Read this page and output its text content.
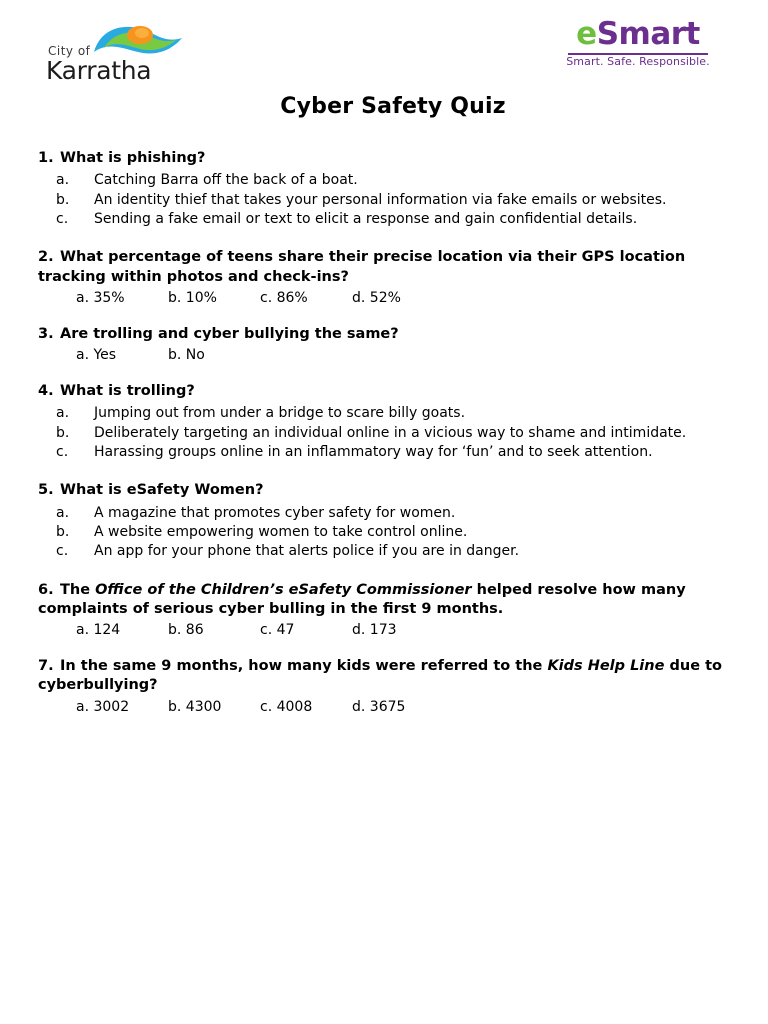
City of
Karratha
eSmart
Smart. Safe. Responsible.
Cyber Safety Quiz
1. What is phishing?
a. Catching Barra off the back of a boat.
b. An identity thief that takes your personal information via fake emails or websites.
c. Sending a fake email or text to elicit a response and gain confidential details.
2. What percentage of teens share their precise location via their GPS location tracking within photos and check-ins?
a. 35%	b. 10%	c. 86%	d. 52%
3. Are trolling and cyber bullying the same?
a. Yes	b. No
4. What is trolling?
a. Jumping out from under a bridge to scare billy goats.
b. Deliberately targeting an individual online in a vicious way to shame and intimidate.
c. Harassing groups online in an inflammatory way for ‘fun’ and to seek attention.
5. What is eSafety Women?
a. A magazine that promotes cyber safety for women.
b. A website empowering women to take control online.
c. An app for your phone that alerts police if you are in danger.
6. The Office of the Children’s eSafety Commissioner helped resolve how many complaints of serious cyber bulling in the first 9 months.
a. 124	b. 86	c. 47	d. 173
7. In the same 9 months, how many kids were referred to the Kids Help Line due to cyberbullying?
a. 3002	b. 4300	c. 4008	d. 3675
